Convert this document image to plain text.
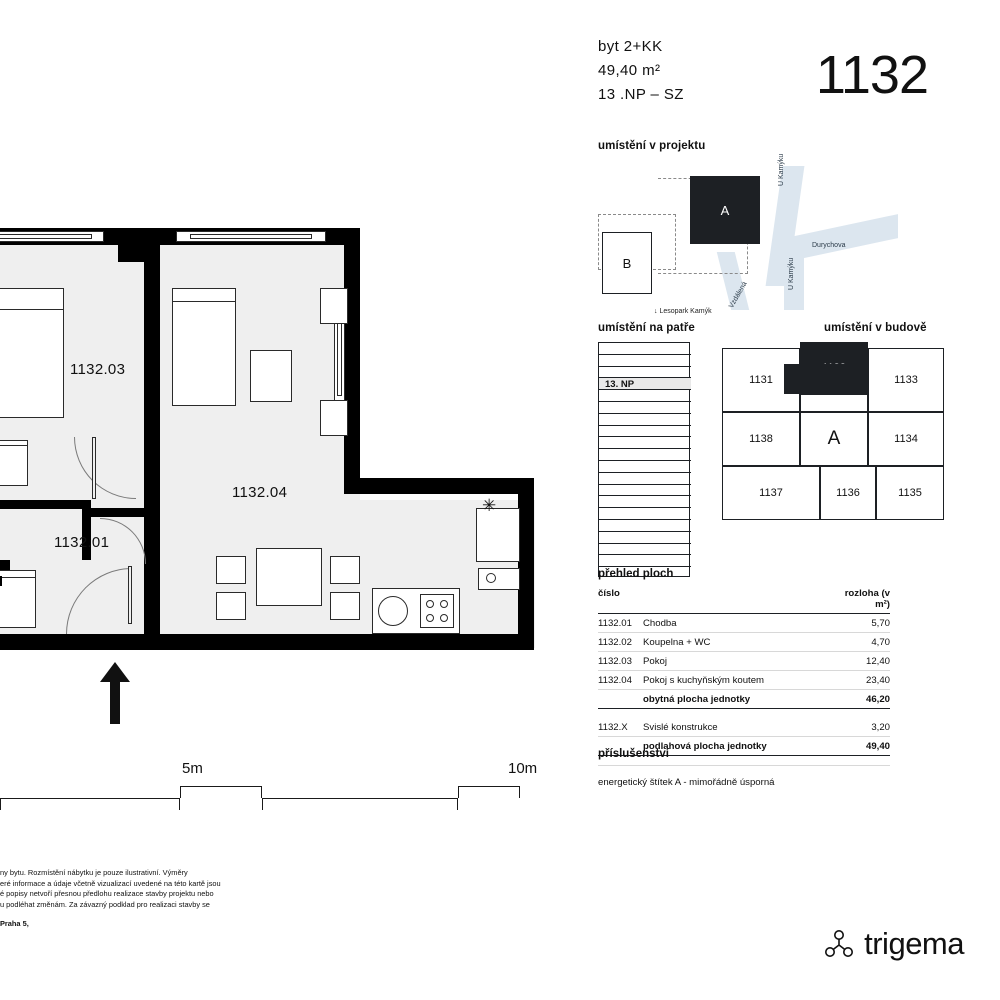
✳
1132.03
1132.04
1132.01
5m	10m
ny bytu. Rozmístění nábytku je pouze ilustrativní. Výměry
eré informace a údaje včetně vizualizací uvedené na této kartě jsou
é popisy netvoří přesnou předlohu realizace stavby projektu nebo
u podléhat změnám. Za závazný podklad pro realizaci stavby se
Praha 5,
byt 2+KK
49,40 m²
13 .NP – SZ 1132
umístění v projektu
U Kamýku
U Kamýku
Durychova
Vzdálená
A
B
↓ Lesopark Kamýk
umístění na patře
13. NP
umístění v budově
1131	1133
1138	A	1134
1137	1136	1135
přehled ploch
číslo	rozloha (v m²)
1132.01	Chodba	5,70
1132.02	Koupelna + WC	4,70
1132.03	Pokoj	12,40
1132.04	Pokoj s kuchyňským koutem	23,40
obytná plocha jednotky	46,20
1132.X	Svislé konstrukce	3,20
podlahová plocha jednotky	49,40
příslušenství
energetický štítek A - mimořádně úsporná
trigema
